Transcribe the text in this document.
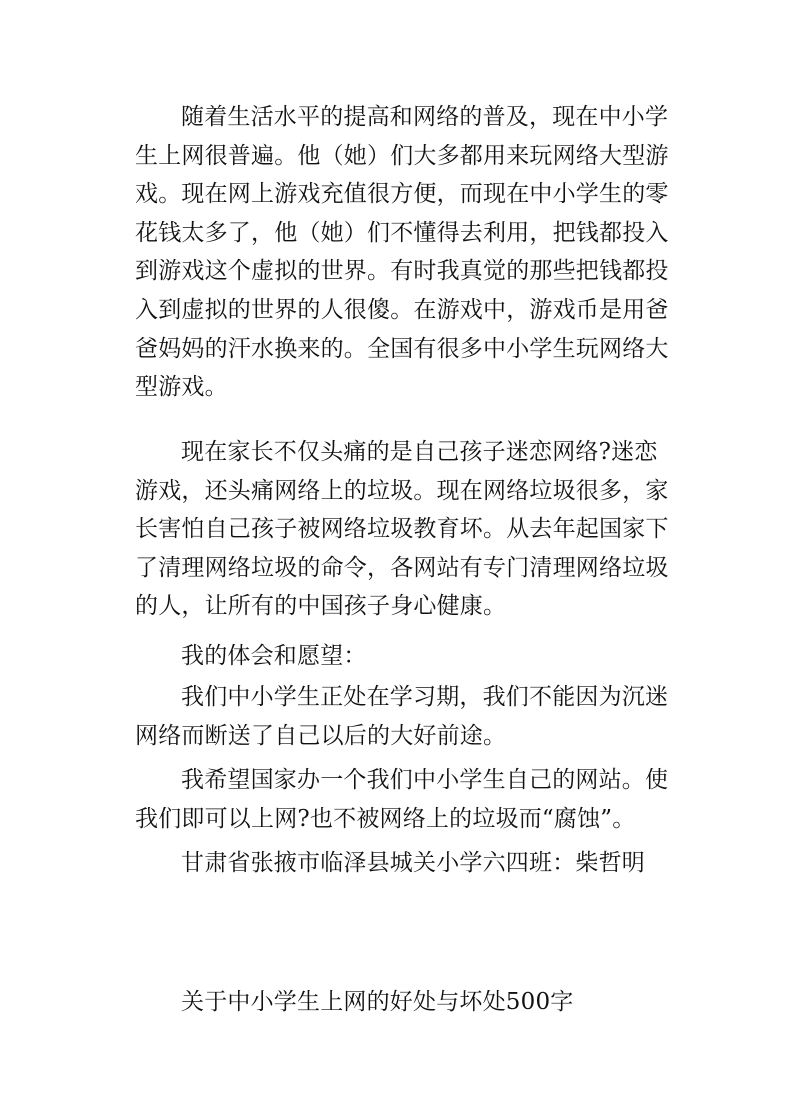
随着生活水平的提高和网络的普及，现在中小学生上网很普遍。他（她）们大多都用来玩网络大型游戏。现在网上游戏充值很方便，而现在中小学生的零花钱太多了，他（她）们不懂得去利用，把钱都投入到游戏这个虚拟的世界。有时我真觉的那些把钱都投入到虚拟的世界的人很傻。在游戏中，游戏币是用爸爸妈妈的汗水换来的。全国有很多中小学生玩网络大型游戏。

现在家长不仅头痛的是自己孩子迷恋网络?迷恋游戏，还头痛网络上的垃圾。现在网络垃圾很多，家长害怕自己孩子被网络垃圾教育坏。从去年起国家下了清理网络垃圾的命令，各网站有专门清理网络垃圾的人，让所有的中国孩子身心健康。

我的体会和愿望：

我们中小学生正处在学习期，我们不能因为沉迷网络而断送了自己以后的大好前途。

我希望国家办一个我们中小学生自己的网站。使我们即可以上网?也不被网络上的垃圾而“腐蚀”。

甘肃省张掖市临泽县城关小学六四班：柴哲明

关于中小学生上网的好处与坏处500字
